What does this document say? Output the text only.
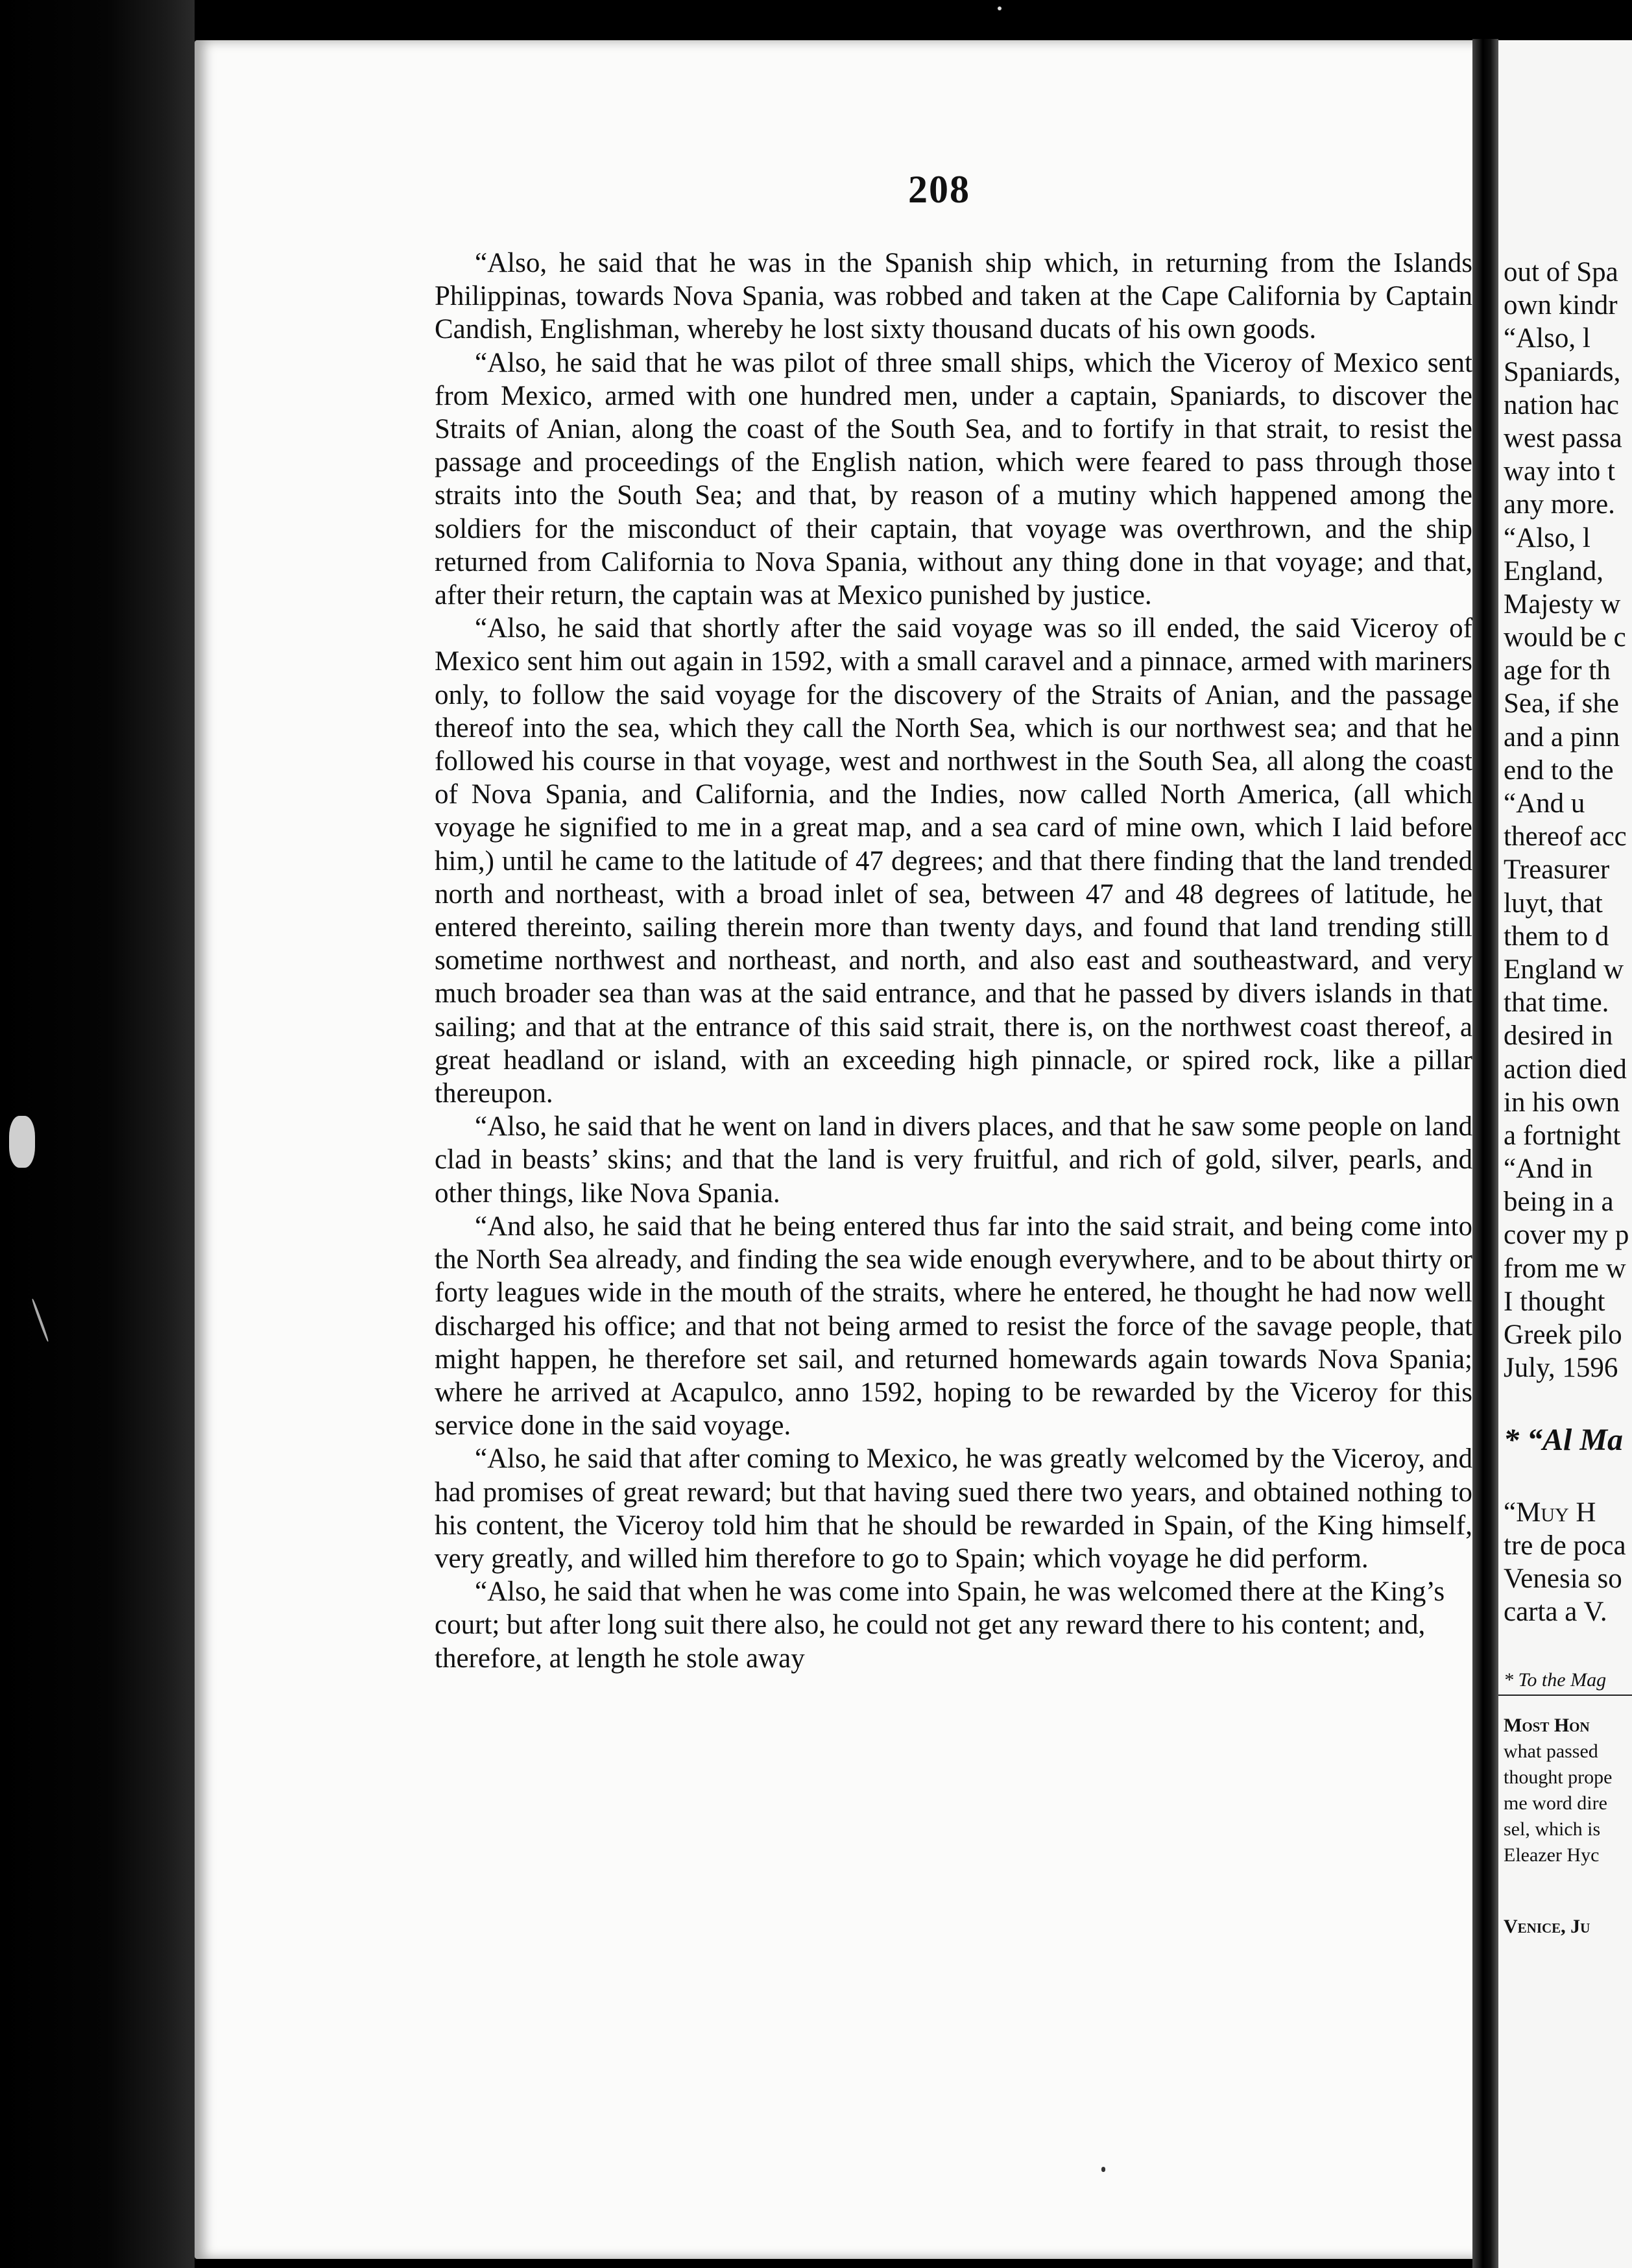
208

“Also, he said that he was in the Spanish ship which, in returning from the Islands Philippinas, towards Nova Spania, was robbed and taken at the Cape California by Captain Candish, Englishman, whereby he lost sixty thousand ducats of his own goods.

“Also, he said that he was pilot of three small ships, which the Viceroy of Mexico sent from Mexico, armed with one hundred men, under a captain, Spaniards, to discover the Straits of Anian, along the coast of the South Sea, and to fortify in that strait, to resist the passage and proceedings of the English nation, which were feared to pass through those straits into the South Sea; and that, by reason of a mutiny which happened among the soldiers for the misconduct of their captain, that voyage was overthrown, and the ship returned from California to Nova Spania, without any thing done in that voyage; and that, after their return, the captain was at Mexico punished by justice.

“Also, he said that shortly after the said voyage was so ill ended, the said Viceroy of Mexico sent him out again in 1592, with a small caravel and a pinnace, armed with mariners only, to follow the said voyage for the discovery of the Straits of Anian, and the passage thereof into the sea, which they call the North Sea, which is our northwest sea; and that he followed his course in that voyage, west and northwest in the South Sea, all along the coast of Nova Spania, and California, and the Indies, now called North America, (all which voyage he signified to me in a great map, and a sea card of mine own, which I laid before him,) until he came to the latitude of 47 degrees; and that there finding that the land trended north and northeast, with a broad inlet of sea, between 47 and 48 degrees of latitude, he entered thereinto, sailing therein more than twenty days, and found that land trending still sometime northwest and northeast, and north, and also east and southeastward, and very much broader sea than was at the said entrance, and that he passed by divers islands in that sailing; and that at the entrance of this said strait, there is, on the northwest coast thereof, a great headland or island, with an exceeding high pinnacle, or spired rock, like a pillar thereupon.

“Also, he said that he went on land in divers places, and that he saw some people on land clad in beasts’ skins; and that the land is very fruitful, and rich of gold, silver, pearls, and other things, like Nova Spania.

“And also, he said that he being entered thus far into the said strait, and being come into the North Sea already, and finding the sea wide enough everywhere, and to be about thirty or forty leagues wide in the mouth of the straits, where he entered, he thought he had now well discharged his office; and that not being armed to resist the force of the savage people, that might happen, he therefore set sail, and returned homewards again towards Nova Spania; where he arrived at Acapulco, anno 1592, hoping to be rewarded by the Viceroy for this service done in the said voyage.

“Also, he said that after coming to Mexico, he was greatly welcomed by the Viceroy, and had promises of great reward; but that having sued there two years, and obtained nothing to his content, the Viceroy told him that he should be rewarded in Spain, of the King himself, very greatly, and willed him therefore to go to Spain; which voyage he did perform.

“Also, he said that when he was come into Spain, he was welcomed there at the King’s court; but after long suit there also, he could not get any reward there to his content; and, therefore, at length he stole away

out of Spa
own kindr
“Also, l
Spaniards,
nation hac
west passa
way into t
any more.
“Also, l
England,
Majesty w
would be c
age for th
Sea, if she
and a pinn
end to the
“And u
thereof acc
Treasurer
luyt, that
them to d
England w
that time.
desired in
action died
in his own
a fortnight
“And in
being in a
cover my p
from me w
I thought
Greek pilo
July, 1596
* “Al Ma
“Muy H
tre de poca
Venesia so
carta a V.
* To the Mag
Most Hon
what passed
thought prope
me word dire
sel, which is
Eleazer Hyc
Venice, Ju
